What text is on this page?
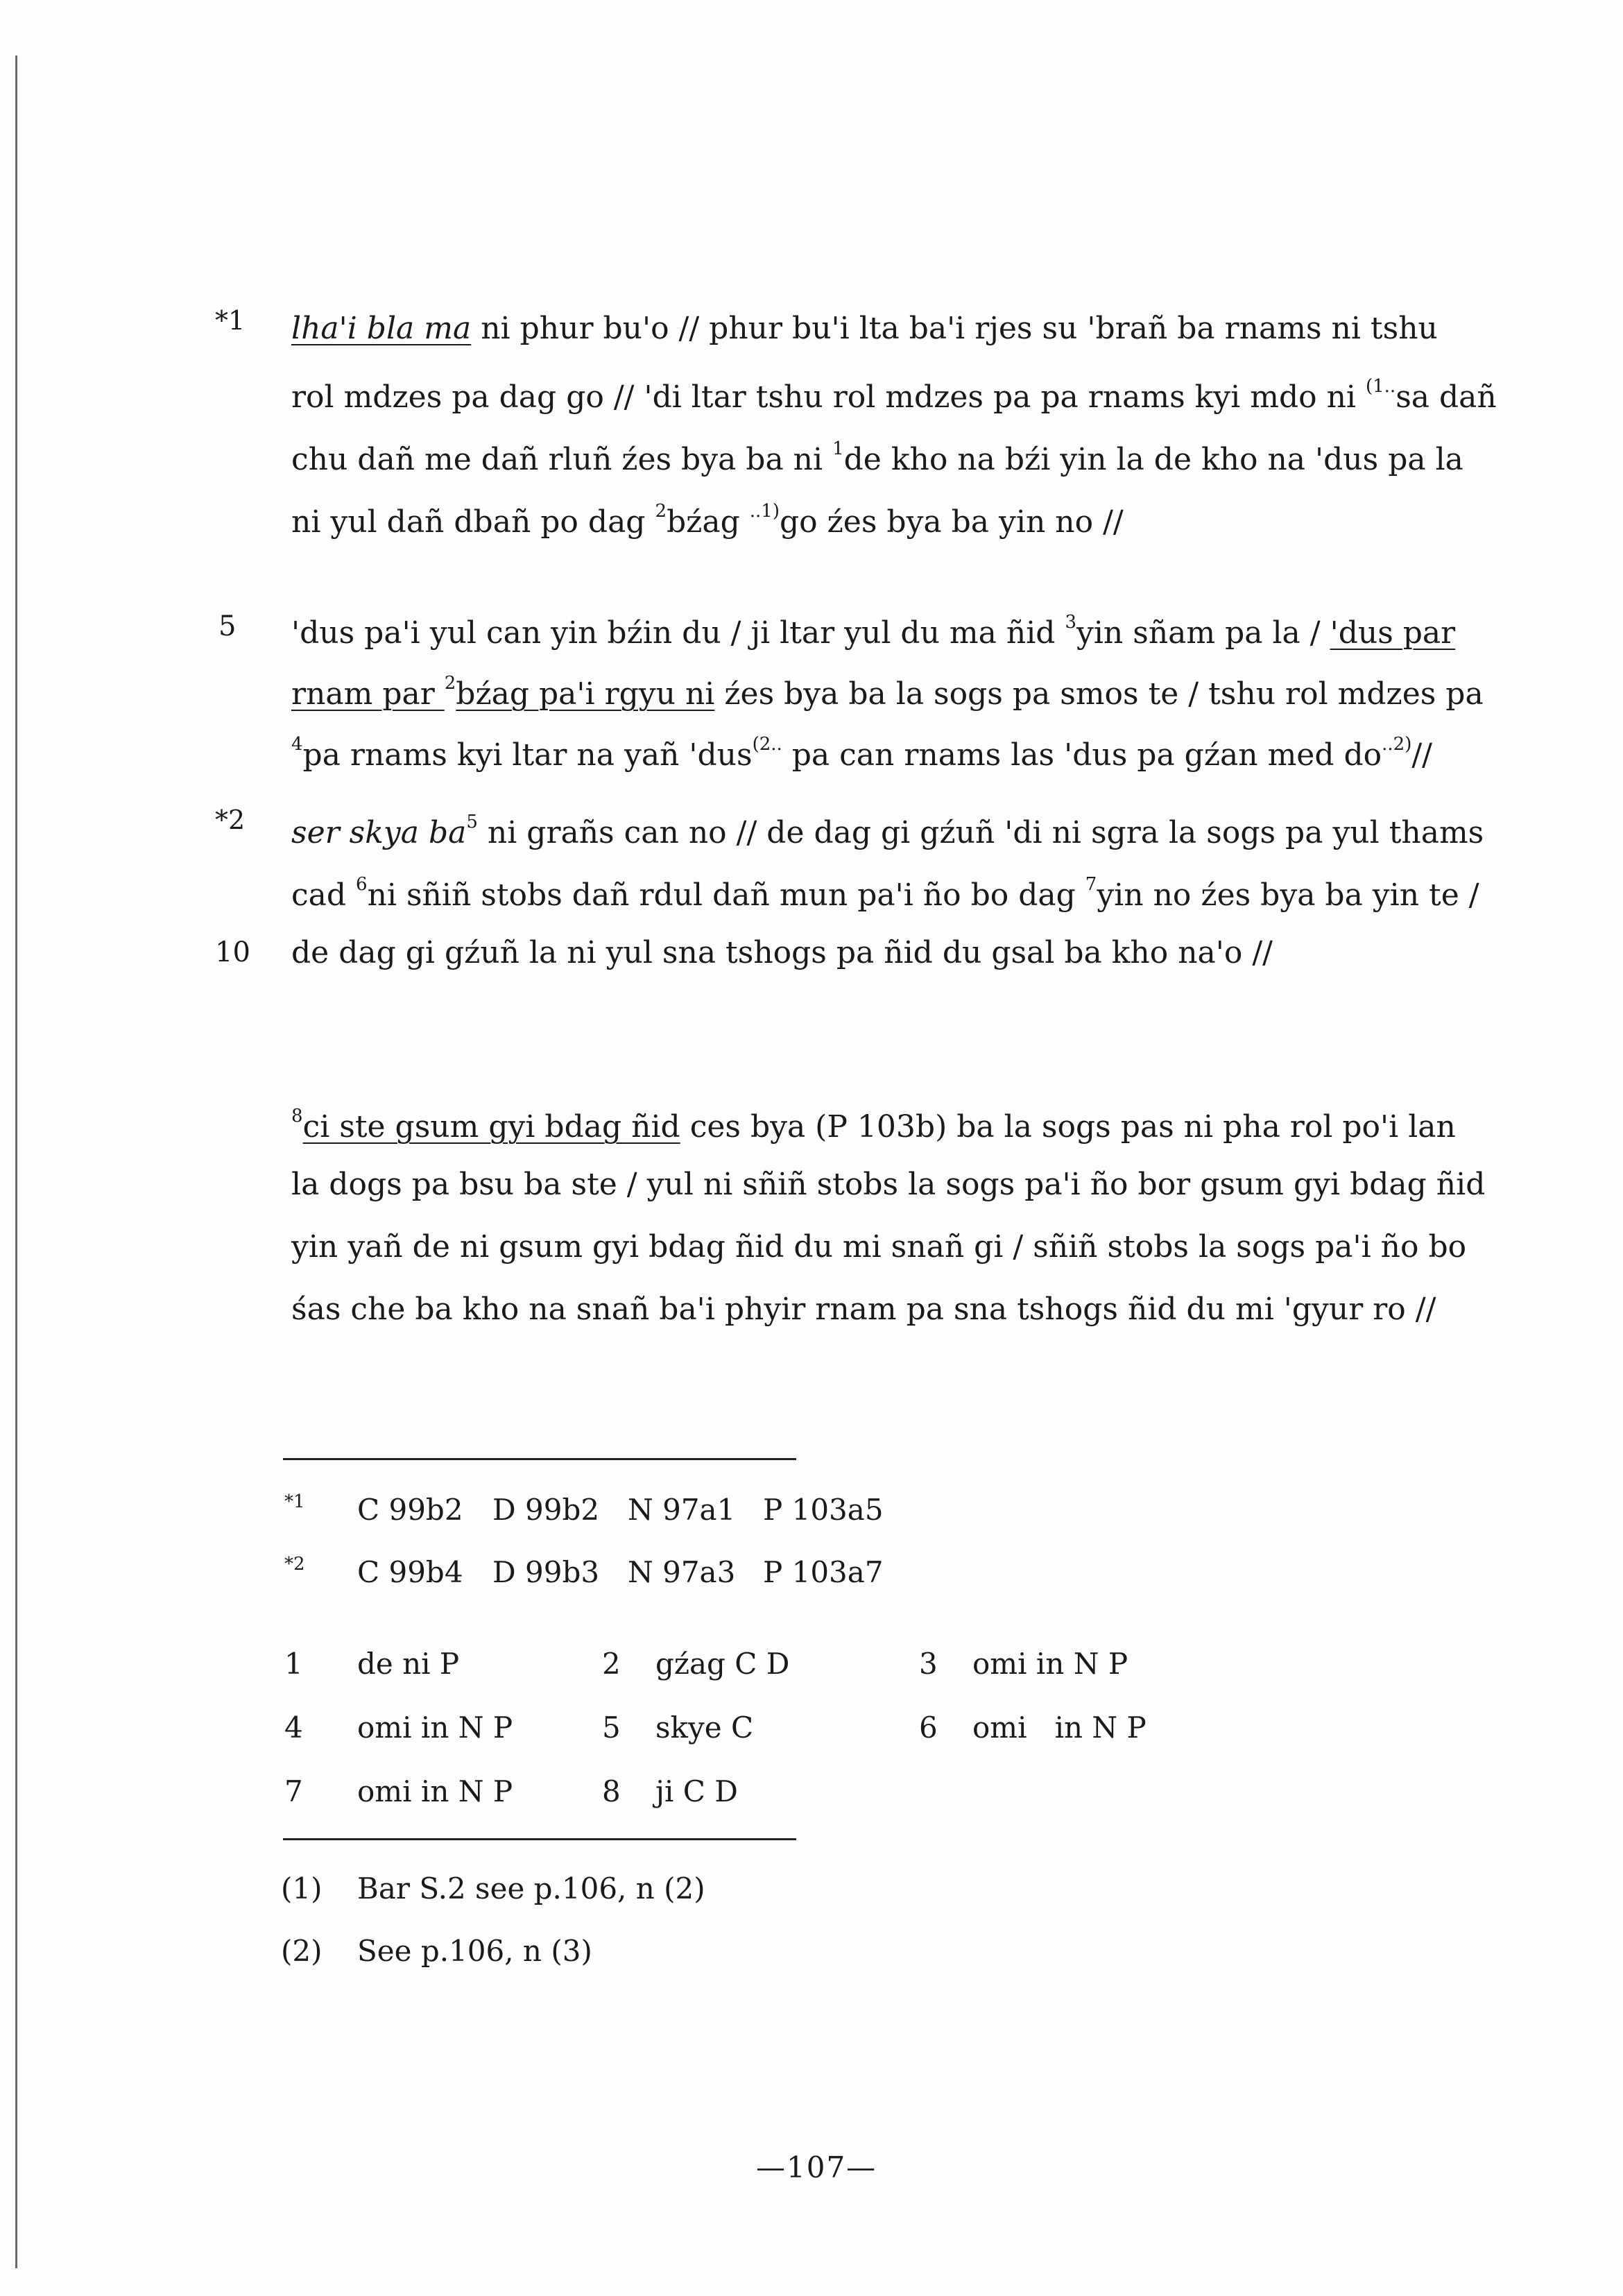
*1 lha'i bla ma ni phur bu'o // phur bu'i lta ba'i rjes su 'brañ ba rnams ni tshu
rol mdzes pa dag go // 'di ltar tshu rol mdzes pa pa rnams kyi mdo ni $^{(1..}$sa dañ
chu dañ me dañ rluñ źes bya ba ni $^1$de kho na bźi yin la de kho na 'dus pa la
ni yul dañ dbañ po dag $^2$bźag $^{..1)}$go źes bya ba yin no //
5 'dus pa'i yul can yin bźin du / ji ltar yul du ma ñid $^3$yin sñam pa la / 'dus par
rnam par $^2$bźag pa'i rgyu ni źes bya ba la sogs pa smos te / tshu rol mdzes pa
$^4$pa rnams kyi ltar na yañ 'dus$^{(2..}$ pa can rnams las 'dus pa gźan med $do^{..2)}//$
*2 ser skya $ba^5$ ni grañs can no // de dag gi gźuñ 'di ni sgra la sogs pa yul thams
cad $^6$ni sñiñ stobs dañ rdul dañ mun pa'i ño bo dag $^7$yin no źes bya ba yin te /
10 de dag gi gźuñ la ni yul sna tshogs pa ñid du gsal ba kho na'o //
$^8$ci ste gsum gyi bdag ñid ces bya (P 103b) ba la sogs pas ni pha rol po'i lan
la dogs pa bsu ba ste / yul ni sñiñ stobs la sogs pa'i ño bor gsum gyi bdag ñid
yin yañ de ni gsum gyi bdag ñid du mi snañ gi / sñiñ stobs la sogs pa'i ño bo
śas che ba kho na snañ ba'i phyir rnam pa sna tshogs ñid du mi 'gyur ro //
$^{*1}$ C 99b2 D 99b2 N 97a1 P 103a5
$^{*2}$ C 99b4 D 99b3 N 97a3 P 103a7
1 de ni P	2 gźag C D	3 omi in N P
4 omi in N P	5 skye C	6 omi   in N P
7 omi in N P	8 ji C D
(1) Bar S.2 see p.106, n (2)
(2) See p.106, n (3)
—107—
